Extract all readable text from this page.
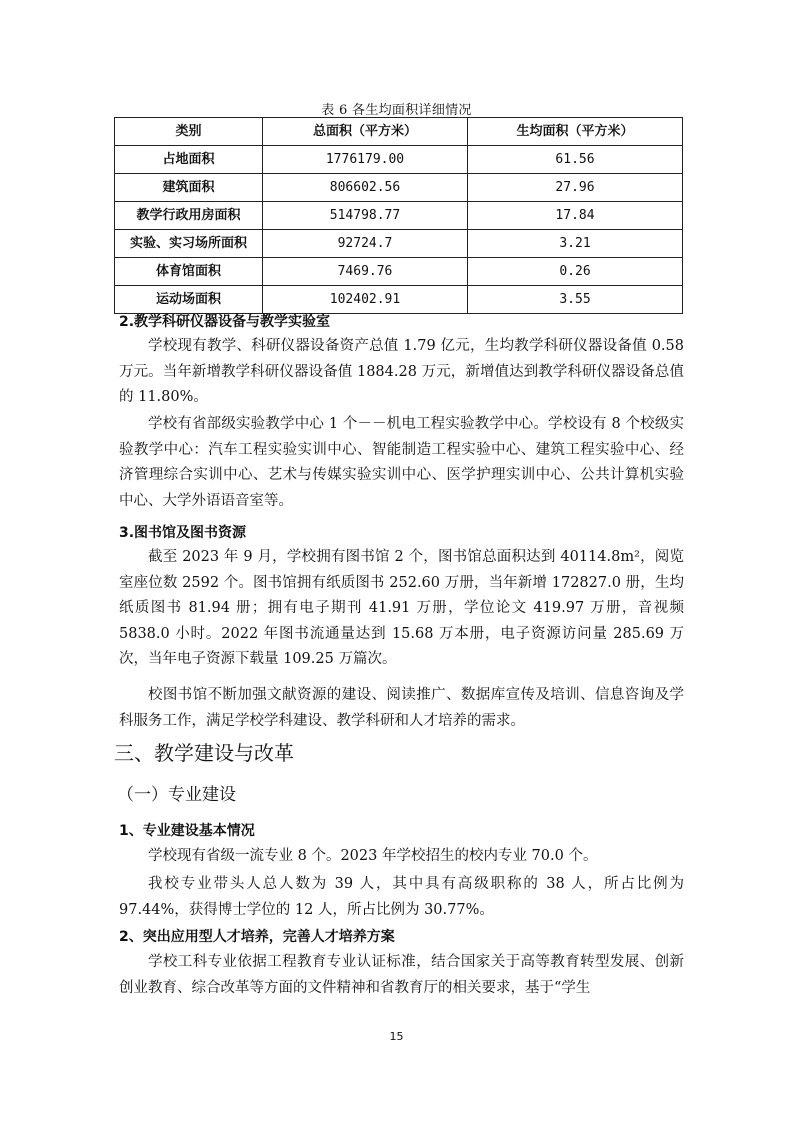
表 6 各生均面积详细情况
类别	总面积（平方米）	生均面积（平方米）
占地面积	1776179.00	61.56
建筑面积	806602.56	27.96
教学行政用房面积	514798.77	17.84
实验、实习场所面积	92724.7	3.21
体育馆面积	7469.76	0.26
运动场面积	102402.91	3.55
2.教学科研仪器设备与教学实验室

学校现有教学、科研仪器设备资产总值 1.79 亿元，生均教学科研仪器设备值 0.58 万元。当年新增教学科研仪器设备值 1884.28 万元，新增值达到教学科研仪器设备总值的 11.80%。

学校有省部级实验教学中心 1 个－－机电工程实验教学中心。学校设有 8 个校级实验教学中心：汽车工程实验实训中心、智能制造工程实验中心、建筑工程实验中心、经济管理综合实训中心、艺术与传媒实验实训中心、医学护理实训中心、公共计算机实验中心、大学外语语音室等。

3.图书馆及图书资源

截至 2023 年 9 月，学校拥有图书馆 2 个，图书馆总面积达到 40114.8m²，阅览室座位数 2592 个。图书馆拥有纸质图书 252.60 万册，当年新增 172827.0 册，生均纸质图书 81.94 册；拥有电子期刊 41.91 万册，学位论文 419.97 万册，音视频 5838.0 小时。2022 年图书流通量达到 15.68 万本册，电子资源访问量 285.69 万次，当年电子资源下载量 109.25 万篇次。

校图书馆不断加强文献资源的建设、阅读推广、数据库宣传及培训、信息咨询及学科服务工作，满足学校学科建设、教学科研和人才培养的需求。

三、教学建设与改革
（一）专业建设
1、专业建设基本情况

学校现有省级一流专业 8 个。2023 年学校招生的校内专业 70.0 个。

我校专业带头人总人数为 39 人，其中具有高级职称的 38 人，所占比例为 97.44%，获得博士学位的 12 人，所占比例为 30.77%。

2、突出应用型人才培养，完善人才培养方案

学校工科专业依据工程教育专业认证标准，结合国家关于高等教育转型发展、创新创业教育、综合改革等方面的文件精神和省教育厅的相关要求，基于“学生

15
